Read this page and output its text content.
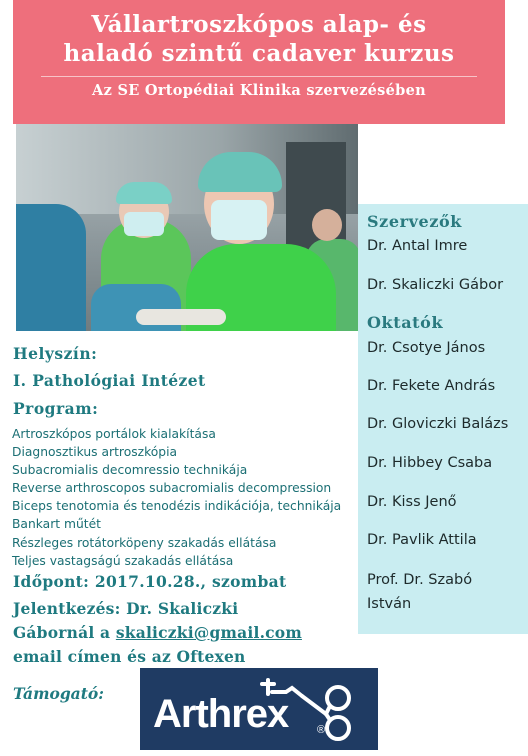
Vállartroszkópos alap- és
haladó szintű cadaver kurzus
Az SE Ortopédiai Klinika szervezésében
Szervezők
Dr. Antal Imre
Dr. Skaliczki Gábor
Oktatók
Dr. Csotye János
Dr. Fekete András
Dr. Gloviczki Balázs
Dr. Hibbey Csaba
Dr. Kiss Jenő
Dr. Pavlik Attila
Prof. Dr. Szabó
István
Helyszín:
I. Pathológiai Intézet
Program:
Artroszkópos portálok kialakítása
Diagnosztikus artroszkópia
Subacromialis decomressio technikája
Reverse arthroscopos subacromialis decompression
Biceps tenotomia és tenodézis indikációja, technikája
Bankart műtét
Részleges rotátorköpeny szakadás ellátása
Teljes vastagságú szakadás ellátása
Időpont: 2017.10.28., szombat
Jelentkezés: Dr. Skaliczki
Gábornál a skaliczki@gmail.com
email címen és az Oftexen
Támogató: Arthrex	®
